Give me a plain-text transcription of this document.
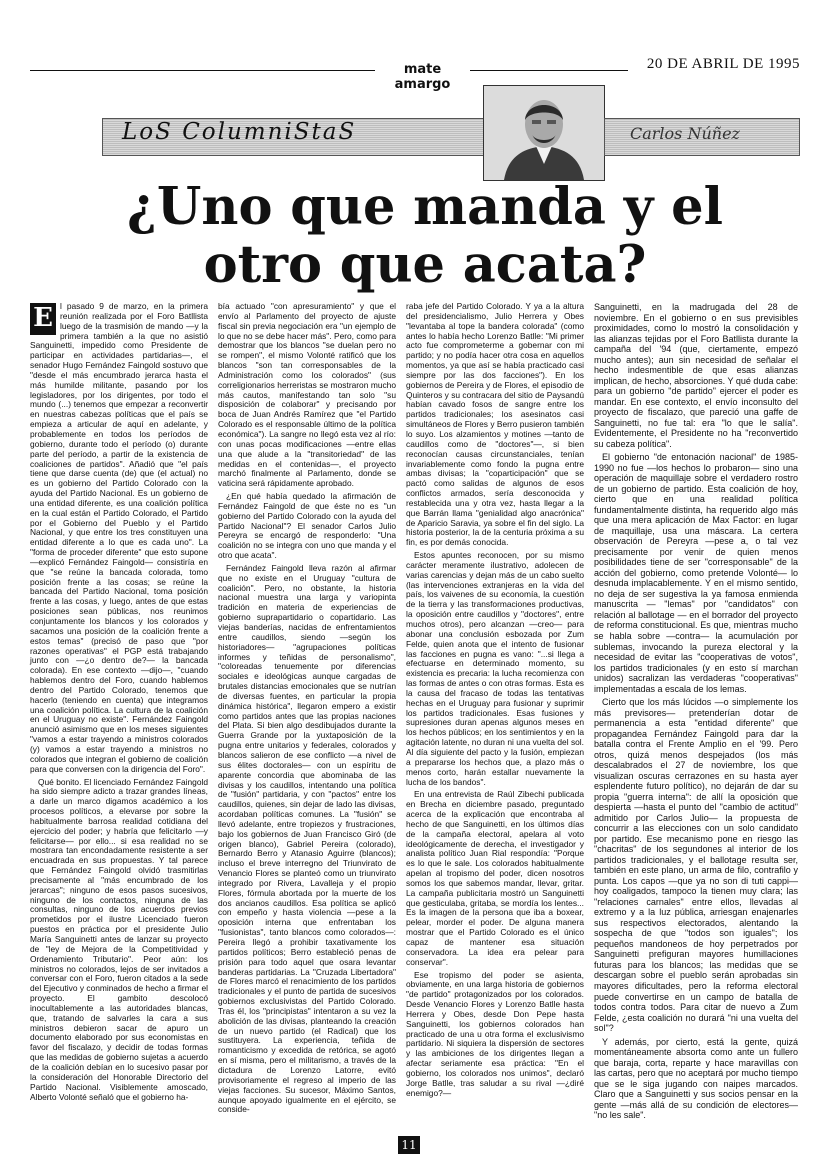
mate amargo
20 DE ABRIL DE 1995
LoS ColumniStaS	Carlos Núñez
¿Uno que manda y el otro que acata?
E l pasado 9 de marzo, en la primera reunión realizada por el Foro Batllista luego de la trasmisión de mando —y la primera también a la que no asistió Sanguinetti, impedido como Presidente de participar en actividades partidarias—, el senador Hugo Fernández Faingold sostuvo que "desde el más encumbrado jerarca hasta el más humilde militante, pasando por los legisladores, por los dirigentes, por todo el mundo (...) tenemos que empezar a reconvertir en nuestras cabezas políticas que el país se empieza a articular de aquí en adelante, y probablemente en todos los períodos de gobierno, durante todo el período (o) durante parte del período, a partir de la existencia de coaliciones de partidos". Añadió que "el país tiene que darse cuenta (de) que (el actual) no es un gobierno del Partido Colorado con la ayuda del Partido Nacional. Es un gobierno de una entidad diferente, es una coalición política en la cual están el Partido Colorado, el Partido por el Gobierno del Pueblo y el Partido Nacional, y que entre los tres constituyen una entidad diferente a lo que es cada uno". La "forma de proceder diferente" que esto supone —explicó Fernández Faingold— consistiría en que "se reúne la bancada colorada, tomo posición frente a las cosas; se reúne la bancada del Partido Nacional, toma posición frente a las cosas, y luego, antes de que estas posiciones sean públicas, nos reunimos conjuntamente los blancos y los colorados y sacamos una posición de la coalición frente a estos temas" (precisó de paso que "por razones operativas" el PGP está trabajando junto con —¿o dentro de?— la bancada colorada). En ese contexto —dijo—, "cuando hablemos dentro del Foro, cuando hablemos dentro del Partido Colorado, tenemos que hacerlo (teniendo en cuenta) que integramos una coalición política. La cultura de la coalición en el Uruguay no existe". Fernández Faingold anunció asimismo que en los meses siguientes "vamos a estar trayendo a ministros colorados (y) vamos a estar trayendo a ministros no colorados que integran el gobierno de coalición para que conversen con la dirigencia del Foro".

Qué bonito. El licenciado Fernández Faingold ha sido siempre adicto a trazar grandes líneas, a darle un marco digamos académico a los procesos políticos, a elevarse por sobre la habitualmente barrosa realidad cotidiana del ejercicio del poder; y habría que felicitarlo —y felicitarse— por ello... si esa realidad no se mostrara tan encondadamente resistente a ser encuadrada en sus propuestas. Y tal parece que Fernández Faingold olvidó trasmitirlas precisamente al "más encumbrado de los jerarcas"; ninguno de esos pasos sucesivos, ninguno de los contactos, ninguna de las consultas, ninguno de los acuerdos previos prometidos por el ilustre Licenciado fueron puestos en práctica por el presidente Julio María Sanguinetti antes de lanzar su proyecto de "ley de Mejora de la Competitividad y Ordenamiento Tributario". Peor aún: los ministros no colorados, lejos de ser invitados a conversar con el Foro, fueron citados a la sede del Ejecutivo y conminados de hecho a firmar el proyecto. El gambito descolocó inocultablemente a las autoridades blancas, que, tratando de salvarles la cara a sus ministros debieron sacar de apuro un documento elaborado por sus economistas en favor del fiscalazo, y decidir de todas formas que las medidas de gobierno sujetas a acuerdo de la coalición debían en lo sucesivo pasar por la consideración del Honorable Directorio del Partido Nacional. Visiblemente amoscado, Alberto Volonté señaló que el gobierno ha-

bía actuado "con apresuramiento" y que el envío al Parlamento del proyecto de ajuste fiscal sin previa negociación era "un ejemplo de lo que no se debe hacer más". Pero, como para demostrar que los blancos "se duelan pero no se rompen", el mismo Volonté ratificó que los blancos "son tan corresponsables de la Administración como los colorados" (sus correligionarios herreristas se mostraron mucho más cautos, manifestando tan solo "su disposición de colaborar" y precisando por boca de Juan Andrés Ramírez que "el Partido Colorado es el responsable último de la política económica"). La sangre no llegó esta vez al río: con unas pocas modificaciones —entre ellas una que alude a la "transitoriedad" de las medidas en el contenidas—, el proyecto marchó finalmente al Parlamento, donde se vaticina será rápidamente aprobado.

¿En qué había quedado la afirmación de Fernández Faingold de que éste no es "un gobierno del Partido Colorado con la ayuda del Partido Nacional"? El senador Carlos Julio Pereyra se encargó de responderlo: "Una coalición no se integra con uno que manda y el otro que acata".

Fernández Faingold lleva razón al afirmar que no existe en el Uruguay "cultura de coalición". Pero, no obstante, la historia nacional muestra una larga y variopinta tradición en materia de experiencias de gobierno suprapartidario o copartidario. Las viejas banderías, nacidas de enfrentamientos entre caudillos, siendo —según los historiadores— "agrupaciones políticas informes y teñidas de personalismo", "coloreadas tenuemente por diferencias sociales e ideológicas aunque cargadas de brutales distancias emocionales que se nutrían de diversas fuentes, en particular la propia dinámica histórica", llegaron empero a existir como partidos antes que las propias naciones del Plata. Si bien algo desdibujados durante la Guerra Grande por la yuxtaposición de la pugna entre unitarios y federales, colorados y blancos salieron de ese conflicto —a nivel de sus élites doctorales— con un espíritu de aparente concordia que abominaba de las divisas y los caudillos, intentando una política de "fusión" partidaria, y con "pactos" entre los caudillos, quienes, sin dejar de lado las divisas, acordaban políticas comunes. La "fusión" se llevó adelante, entre tropiezos y frustraciones, bajo los gobiernos de Juan Francisco Giró (de origen blanco), Gabriel Pereira (colorado), Bernardo Berro y Atanasio Aguirre (blancos); incluso el breve interregno del Triunvirato de Venancio Flores se planteó como un triunvirato integrado por Rivera, Lavalleja y el propio Flores, fórmula abortada por la muerte de los dos ancianos caudillos. Esa política se aplicó con empeño y hasta violencia —pese a la oposición interna que enfrentaban los "fusionistas", tanto blancos como colorados—: Pereira llegó a prohibir taxativamente los partidos políticos; Berro estableció penas de prisión para todo aquel que osara levantar banderas partidarias. La "Cruzada Libertadora" de Flores marcó el renacimiento de los partidos tradicionales y el punto de partida de sucesivos gobiernos exclusivistas del Partido Colorado. Tras él, los "principistas" intentaron a su vez la abolición de las divisas, planteando la creación de un nuevo partido (el Radical) que los sustituyera. La experiencia, teñida de romanticismo y excedida de retórica, se agotó en sí misma, pero el militarismo, a través de la dictadura de Lorenzo Latorre, evitó provisoriamente el regreso al imperio de las viejas facciones. Su sucesor, Máximo Santos, aunque apoyado igualmente en el ejército, se conside-

raba jefe del Partido Colorado. Y ya a la altura del presidencialismo, Julio Herrera y Obes "levantaba al tope la bandera colorada" (como antes lo había hecho Lorenzo Batlle: "Mi primer acto fue comprometerme a gobernar con mi partido; y no podía hacer otra cosa en aquellos momentos, ya que así se había practicado casi siempre por las dos facciones"). En los gobiernos de Pereira y de Flores, el episodio de Quinteros y su contracara del sitio de Paysandú habían cavado fosos de sangre entre los partidos tradicionales; los asesinatos casi simultáneos de Flores y Berro pusieron también lo suyo. Los alzamientos y motines —tanto de caudillos como de "doctores"—, si bien reconocían causas circunstanciales, tenían invariablemente como fondo la pugna entre ambas divisas; la "coparticipación" que se pactó como salidas de algunos de esos conflictos armados, sería desconocida y restablecida una y otra vez, hasta llegar a la que Barrán llama "genialidad algo anacrónica" de Aparicio Saravia, ya sobre el fin del siglo. La historia posterior, la de la centuria próxima a su fin, es por demás conocida.

Estos apuntes reconocen, por su mismo carácter meramente ilustrativo, adolecen de varias carencias y dejan más de un cabo suelto (las intervenciones extranjeras en la vida del país, los vaivenes de su economía, la cuestión de la tierra y las transformaciones productivas, la oposición entre caudillos y "doctores", entre muchos otros), pero alcanzan —creo— para abonar una conclusión esbozada por Zum Felde, quien anota que el intento de fusionar las facciones en pugna es vano: "...si llega a efectuarse en determinado momento, su existencia es precaria: la lucha recomienza con las formas de antes o con otras formas. Esta es la causa del fracaso de todas las tentativas hechas en el Uruguay para fusionar y suprimir los partidos tradicionales. Esas fusiones y supresiones duran apenas algunos meses en los hechos públicos; en los sentimientos y en la agitación latente, no duran ni una vuelta del sol. Al día siguiente del pacto y la fusión, empiezan a prepararse los hechos que, a plazo más o menos corto, harán estallar nuevamente la lucha de los bandos".

En una entrevista de Raúl Zibechi publicada en Brecha en diciembre pasado, preguntado acerca de la explicación que encontraba al hecho de que Sanguinetti, en los últimos días de la campaña electoral, apelara al voto ideológicamente de derecha, el investigador y analista político Juan Rial respondía: "Porque es lo que le sale. Los colorados habitualmente apelan al tropismo del poder, dicen nosotros somos los que sabemos mandar, llevar, gritar. La campaña publicitaria mostró un Sanguinetti que gesticulaba, gritaba, se mordía los lentes... Es la imagen de la persona que iba a boxear, pelear, morder el poder. De alguna manera mostrar que el Partido Colorado es el único capaz de mantener esa situación conservadora. La idea era pelear para conservar".

Ese tropismo del poder se asienta, obviamente, en una larga historia de gobiernos "de partido" protagonizados por los colorados. Desde Venancio Flores y Lorenzo Batlle hasta Herrera y Obes, desde Don Pepe hasta Sanguinetti, los gobiernos colorados han practicado de una u otra forma el exclusivismo partidario. Ni siquiera la dispersión de sectores y las ambiciones de los dirigentes llegan a afectar seriamente esa práctica: "En el gobierno, los colorados nos unimos", declaró Jorge Batlle, tras saludar a su rival —¿diré enemigo?—

Sanguinetti, en la madrugada del 28 de noviembre. En el gobierno o en sus previsibles proximidades, como lo mostró la consolidación y las alianzas tejidas por el Foro Batllista durante la campaña del '94 (que, ciertamente, empezó mucho antes); aun sin necesidad de señalar el hecho indesmentible de que esas alianzas implican, de hecho, absorciones. Y qué duda cabe: para un gobierno "de partido" ejercer el poder es mandar. En ese contexto, el envío inconsulto del proyecto de fiscalazo, que pareció una gaffe de Sanguinetti, no fue tal: era "lo que le salía". Evidentemente, el Presidente no ha "reconvertido su cabeza política".

El gobierno "de entonación nacional" de 1985-1990 no fue —los hechos lo probaron— sino una operación de maquillaje sobre el verdadero rostro de un gobierno de partido. Esta coalición de hoy, cierto que en una realidad política fundamentalmente distinta, ha requerido algo más que una mera aplicación de Max Factor: en lugar de maquillaje, usa una máscara. La certera observación de Pereyra —pese a, o tal vez precisamente por venir de quien menos posibilidades tiene de ser "corresponsable" de la acción del gobierno, como pretende Volonté— lo desnuda implacablemente. Y en el mismo sentido, no deja de ser sugestiva la ya famosa enmienda manuscrita — "lemas" por "candidatos" con relación al ballotage — en el borrador del proyecto de reforma constitucional. Es que, mientras mucho se habla sobre —contra— la acumulación por sublemas, invocando la pureza electoral y la necesidad de evitar las "cooperativas de votos", los partidos tradicionales (y en esto sí marchan unidos) sacralizan las verdaderas "cooperativas" implementadas a escala de los lemas.

Cierto que los más lúcidos —o simplemente los más previsores— pretenderían dotar de permanencia a esta "entidad diferente" que propagandea Fernández Faingold para dar la batalla contra el Frente Amplio en el '99. Pero otros, quizá menos despejados (los más descalabrados el 27 de noviembre, los que visualizan oscuras cerrazones en su hasta ayer esplendente futuro político), no dejarán de dar su propia "guerra interna": de allí la oposición que despierta —hasta el punto del "cambio de actitud" admitido por Carlos Julio— la propuesta de concurrir a las elecciones con un solo candidato por partido. Ese mecanismo pone en riesgo las "chacritas" de los segundones al interior de los partidos tradicionales, y el ballotage resulta ser, también en este plano, un arma de filo, contrafilo y punta. Los capos —que ya no son di tuti cappi— hoy coaligados, tampoco la tienen muy clara; las "relaciones carnales" entre ellos, llevadas al extremo y a la luz pública, arriesgan enajenarles sus respectivos electorados, alentando la sospecha de que "todos son iguales"; los pequeños mandoneos de hoy perpetrados por Sanguinetti prefiguran mayores humillaciones futuras para los blancos; las medidas que se descargan sobre el pueblo serán aprobadas sin mayores dificultades, pero la reforma electoral puede convertirse en un campo de batalla de todos contra todos. Para citar de nuevo a Zum Felde, ¿esta coalición no durará "ni una vuelta del sol"?

Y además, por cierto, está la gente, quizá momentáneamente absorta como ante un fullero que baraja, corta, reparte y hace maravillas con las cartas, pero que no aceptará por mucho tiempo que se le siga jugando con naipes marcados. Claro que a Sanguinetti y sus socios pensar en la gente —más allá de su condición de electores— "no les sale".

11
